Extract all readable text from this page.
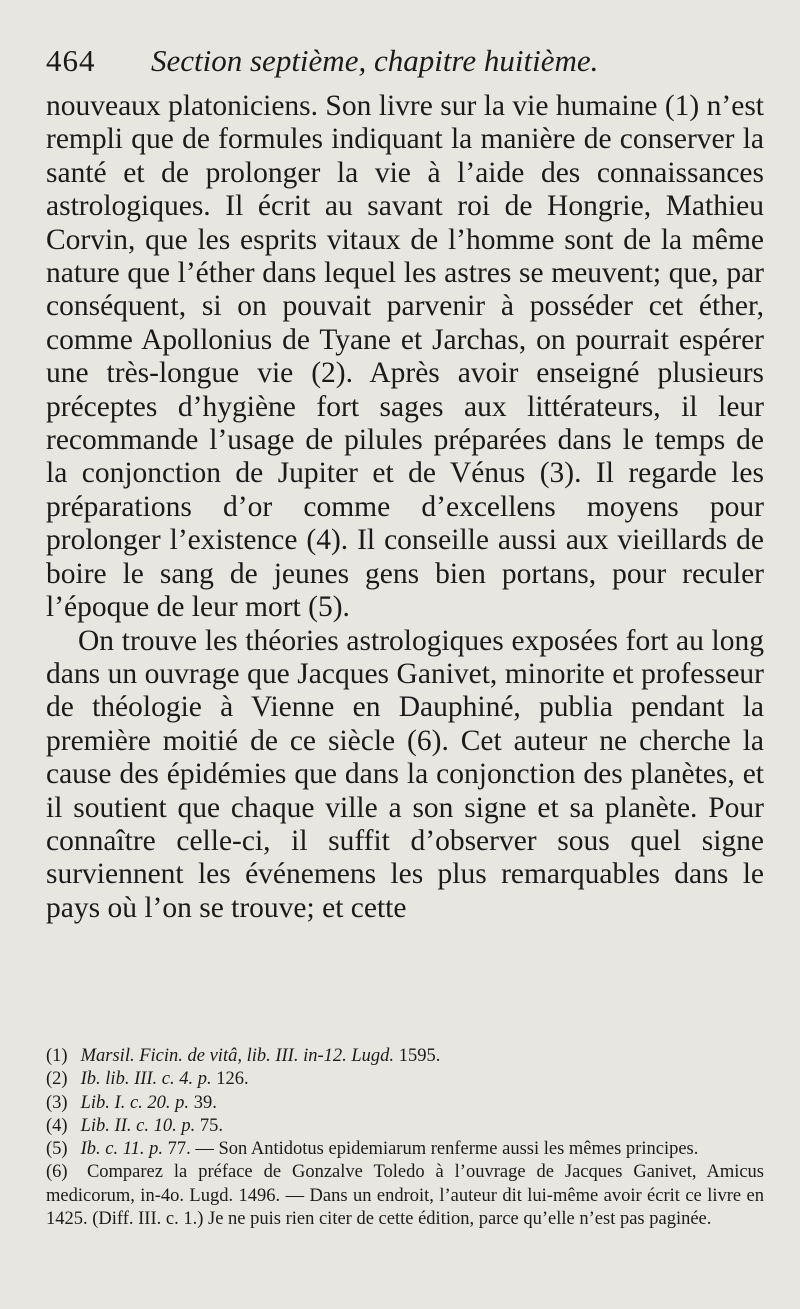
464	Section septième, chapitre huitième.

nouveaux platoniciens. Son livre sur la vie humaine (1) n’est rempli que de formules indiquant la manière de conserver la santé et de prolonger la vie à l’aide des connaissances astrologiques. Il écrit au savant roi de Hongrie, Mathieu Corvin, que les esprits vitaux de l’homme sont de la même nature que l’éther dans lequel les astres se meuvent; que, par conséquent, si on pouvait parvenir à posséder cet éther, comme Apollonius de Tyane et Jarchas, on pourrait espérer une très-longue vie (2). Après avoir enseigné plusieurs préceptes d’hygiène fort sages aux littérateurs, il leur recommande l’usage de pilules préparées dans le temps de la conjonction de Jupiter et de Vénus (3). Il regarde les préparations d’or comme d’excellens moyens pour prolonger l’existence (4). Il conseille aussi aux vieillards de boire le sang de jeunes gens bien portans, pour reculer l’époque de leur mort (5).

On trouve les théories astrologiques exposées fort au long dans un ouvrage que Jacques Ganivet, minorite et professeur de théologie à Vienne en Dauphiné, publia pendant la première moitié de ce siècle (6). Cet auteur ne cherche la cause des épidémies que dans la conjonction des planètes, et il soutient que chaque ville a son signe et sa planète. Pour connaître celle-ci, il suffit d’observer sous quel signe surviennent les événemens les plus remarquables dans le pays où l’on se trouve; et cette

(1) Marsil. Ficin. de vitâ, lib. III. in-12. Lugd. 1595.

(2) Ib. lib. III. c. 4. p. 126.

(3) Lib. I. c. 20. p. 39.

(4) Lib. II. c. 10. p. 75.

(5) Ib. c. 11. p. 77. — Son Antidotus epidemiarum renferme aussi les mêmes principes.

(6) Comparez la préface de Gonzalve Toledo à l’ouvrage de Jacques Ganivet, Amicus medicorum, in-4o. Lugd. 1496. — Dans un endroit, l’auteur dit lui-même avoir écrit ce livre en 1425. (Diff. III. c. 1.) Je ne puis rien citer de cette édition, parce qu’elle n’est pas paginée.
